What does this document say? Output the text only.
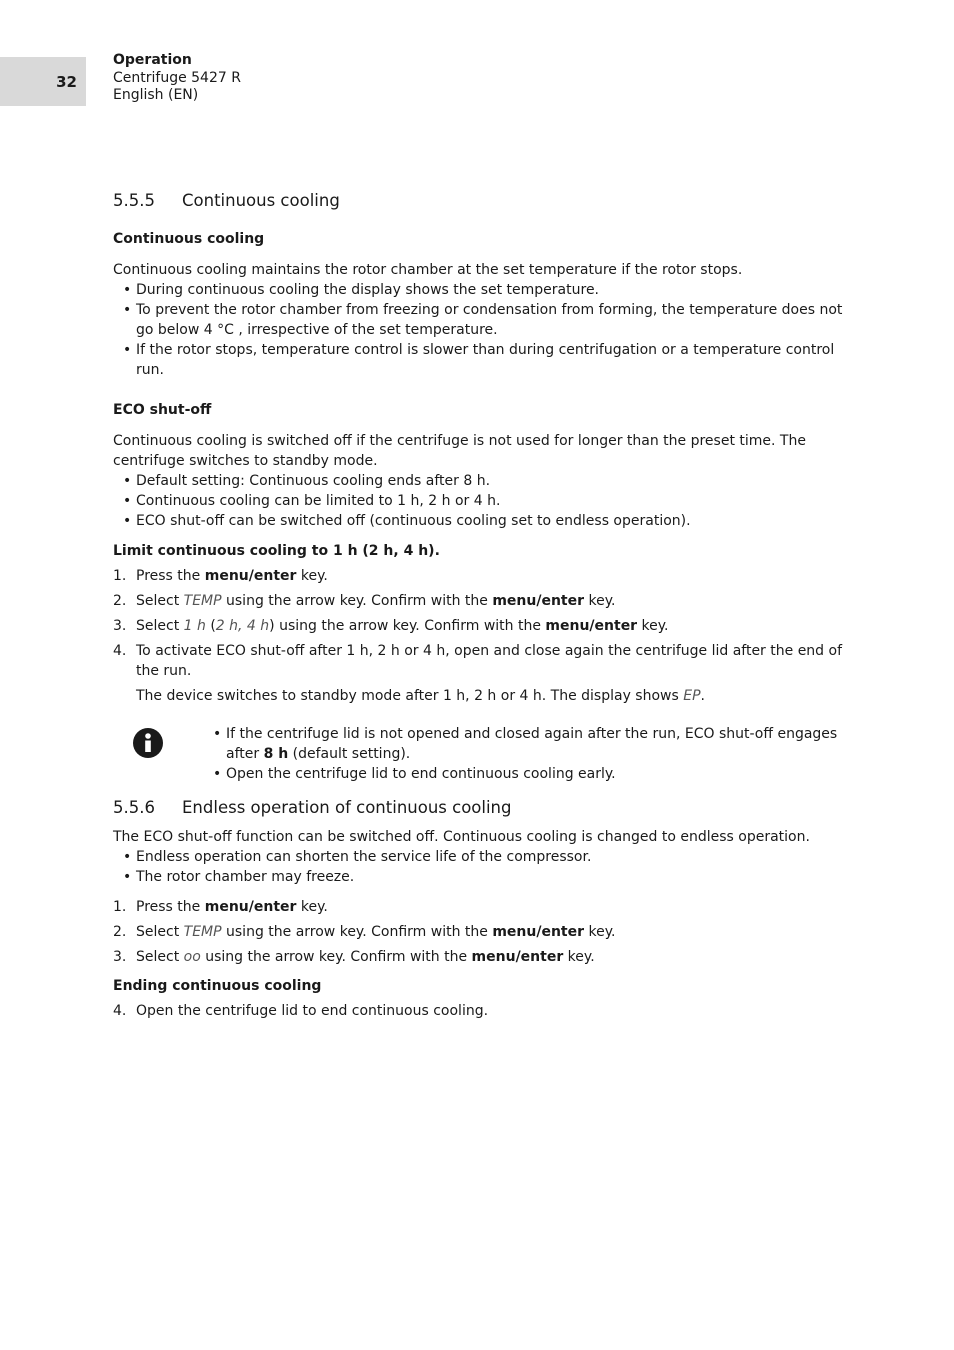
32
Operation
Centrifuge 5427 R
English (EN)
5.5.5 Continuous cooling
Continuous cooling

Continuous cooling maintains the rotor chamber at the set temperature if the rotor stops.

• During continuous cooling the display shows the set temperature.
• To prevent the rotor chamber from freezing or condensation from forming, the temperature does not go below 4 °C , irrespective of the set temperature.
• If the rotor stops, temperature control is slower than during centrifugation or a temperature control run.
ECO shut-off

Continuous cooling is switched off if the centrifuge is not used for longer than the preset time. The centrifuge switches to standby mode.

• Default setting: Continuous cooling ends after 8 h.
• Continuous cooling can be limited to 1 h, 2 h or 4 h.
• ECO shut-off can be switched off (continuous cooling set to endless operation).
Limit continuous cooling to 1 h (2 h, 4 h).
1. Press the menu/enter key.
2. Select TEMP using the arrow key. Confirm with the menu/enter key.
3. Select 1 h (2 h, 4 h) using the arrow key. Confirm with the menu/enter key.
4. To activate ECO shut-off after 1 h, 2 h or 4 h, open and close again the centrifuge lid after the end of the run.

The device switches to standby mode after 1 h, 2 h or 4 h. The display shows EP.

• If the centrifuge lid is not opened and closed again after the run, ECO shut-off engages after 8 h (default setting).
• Open the centrifuge lid to end continuous cooling early.
5.5.6 Endless operation of continuous cooling

The ECO shut-off function can be switched off. Continuous cooling is changed to endless operation.

• Endless operation can shorten the service life of the compressor.
• The rotor chamber may freeze.
1. Press the menu/enter key.
2. Select TEMP using the arrow key. Confirm with the menu/enter key.
3. Select oo using the arrow key. Confirm with the menu/enter key.
Ending continuous cooling
4. Open the centrifuge lid to end continuous cooling.
